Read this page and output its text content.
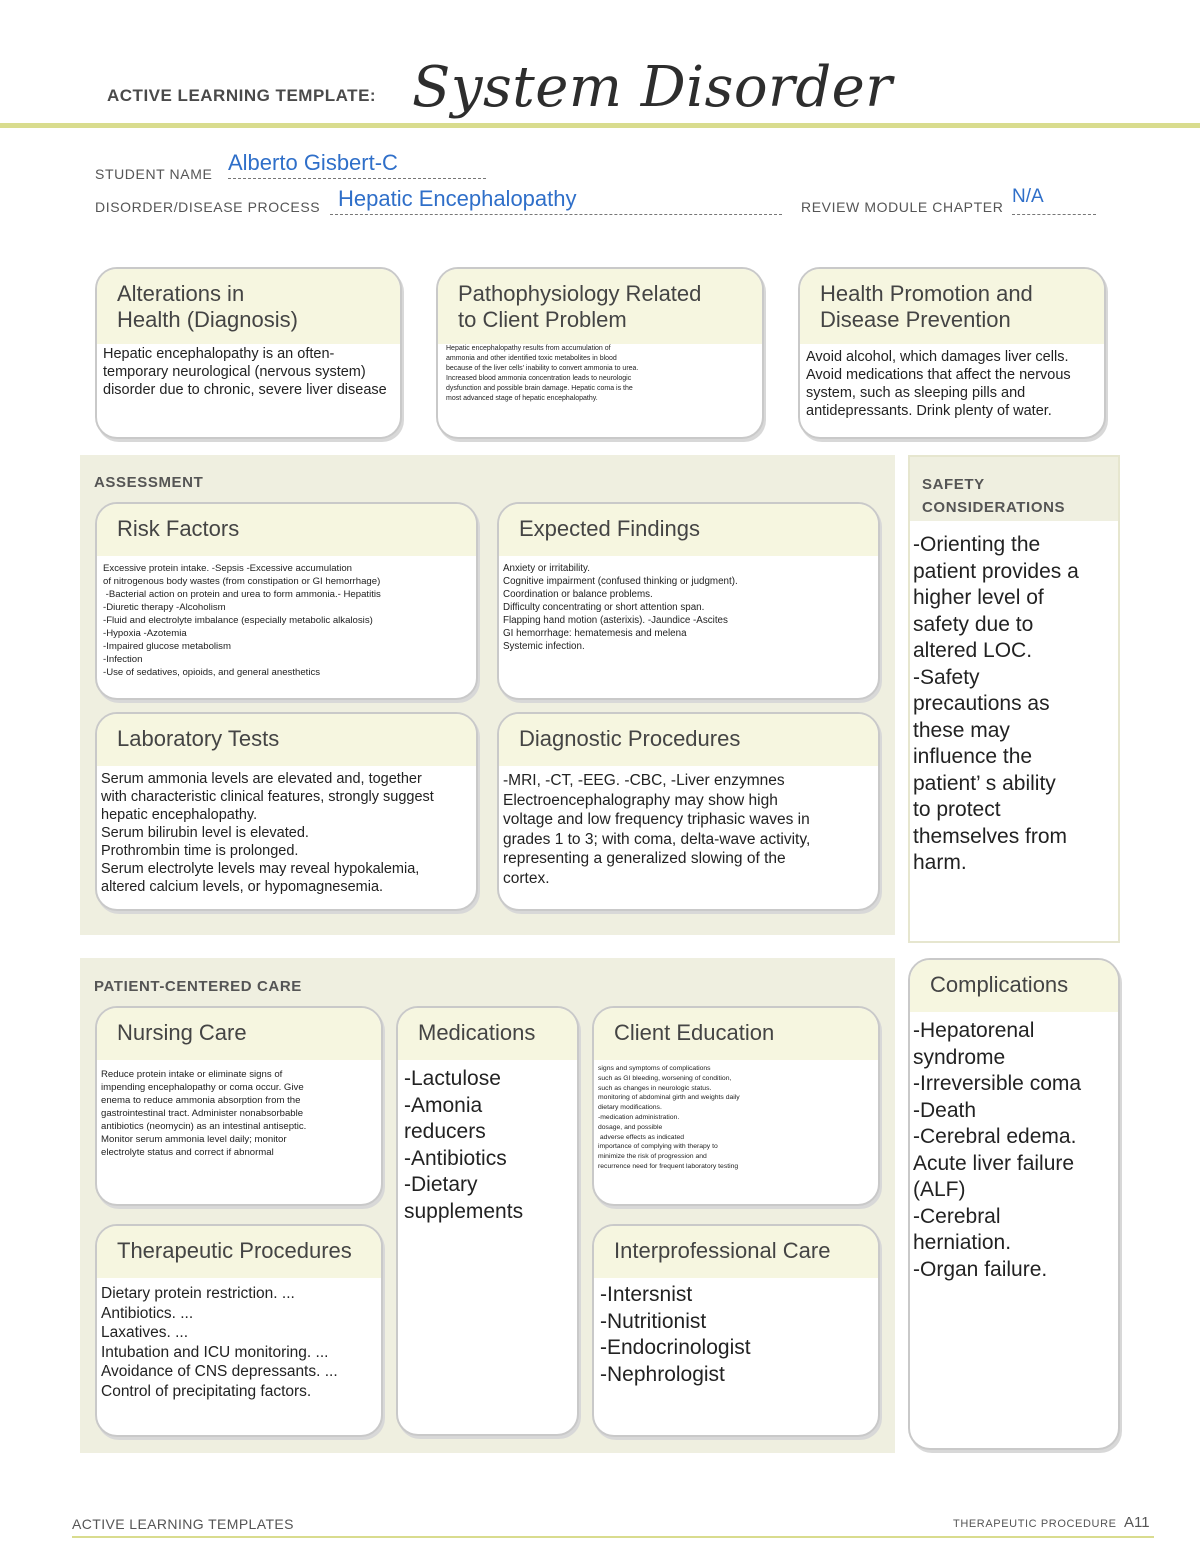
ACTIVE LEARNING TEMPLATE: System Disorder
STUDENT NAME Alberto Gisbert-C
DISORDER/DISEASE PROCESS Hepatic Encephalopathy	REVIEW MODULE CHAPTER N/A
Alterations in
Health (Diagnosis)
Hepatic encephalopathy is an often-temporary neurological (nervous system) disorder due to chronic, severe liver disease
Pathophysiology Related
to Client Problem
Hepatic encephalopathy results from accumulation of
ammonia and other identified toxic metabolites in blood
because of the liver cells' inability to convert ammonia to urea.
Increased blood ammonia concentration leads to neurologic
dysfunction and possible brain damage. Hepatic coma is the
most advanced stage of hepatic encephalopathy.
Health Promotion and
Disease Prevention
Avoid alcohol, which damages liver cells. Avoid medications that affect the nervous system, such as sleeping pills and antidepressants. Drink plenty of water.
ASSESSMENT
Risk Factors
Excessive protein intake. -Sepsis -Excessive accumulation
of nitrogenous body wastes (from constipation or GI hemorrhage)
-Bacterial action on protein and urea to form ammonia.- Hepatitis
-Diuretic therapy -Alcoholism
-Fluid and electrolyte imbalance (especially metabolic alkalosis)
-Hypoxia -Azotemia
-Impaired glucose metabolism
-Infection
-Use of sedatives, opioids, and general anesthetics
Expected Findings
Anxiety or irritability.
Cognitive impairment (confused thinking or judgment).
Coordination or balance problems.
Difficulty concentrating or short attention span.
Flapping hand motion (asterixis). -Jaundice -Ascites
GI hemorrhage: hematemesis and melena
Systemic infection.
Laboratory Tests
Serum ammonia levels are elevated and, together
with characteristic clinical features, strongly suggest
hepatic encephalopathy.
Serum bilirubin level is elevated.
Prothrombin time is prolonged.
Serum electrolyte levels may reveal hypokalemia,
altered calcium levels, or hypomagnesemia.
Diagnostic Procedures
-MRI, -CT, -EEG. -CBC, -Liver enzymnes
Electroencephalography may show high
voltage and low frequency triphasic waves in
grades 1 to 3; with coma, delta-wave activity,
representing a generalized slowing of the
cortex.
SAFETY
CONSIDERATIONS
-Orienting the
patient provides a
higher level of
safety due to
altered LOC.
-Safety
precautions as
these may
influence the
patient’ s ability
to protect
themselves from
harm.
PATIENT-CENTERED CARE
Nursing Care
Reduce protein intake or eliminate signs of
impending encephalopathy or coma occur. Give
enema to reduce ammonia absorption from the
gastrointestinal tract. Administer nonabsorbable
antibiotics (neomycin) as an intestinal antiseptic.
Monitor serum ammonia level daily; monitor
electrolyte status and correct if abnormal
Medications
-Lactulose
-Amonia
reducers
-Antibiotics
-Dietary
supplements
Client Education
signs and symptoms of complications
such as GI bleeding, worsening of condition,
such as changes in neurologic status.
monitoring of abdominal girth and weights daily
dietary modifications.
-medication administration.
dosage, and possible
adverse effects as indicated
importance of complying with therapy to
minimize the risk of progression and
recurrence need for frequent laboratory testing
Therapeutic Procedures
Dietary protein restriction. ...
Antibiotics. ...
Laxatives. ...
Intubation and ICU monitoring. ...
Avoidance of CNS depressants. ...
Control of precipitating factors.
Interprofessional Care
-Intersnist
-Nutritionist
-Endocrinologist
-Nephrologist
Complications
-Hepatorenal
syndrome
-Irreversible coma
-Death
-Cerebral edema.
Acute liver failure
(ALF)
-Cerebral
herniation.
-Organ failure.
ACTIVE LEARNING TEMPLATES	THERAPEUTIC PROCEDURE A11
